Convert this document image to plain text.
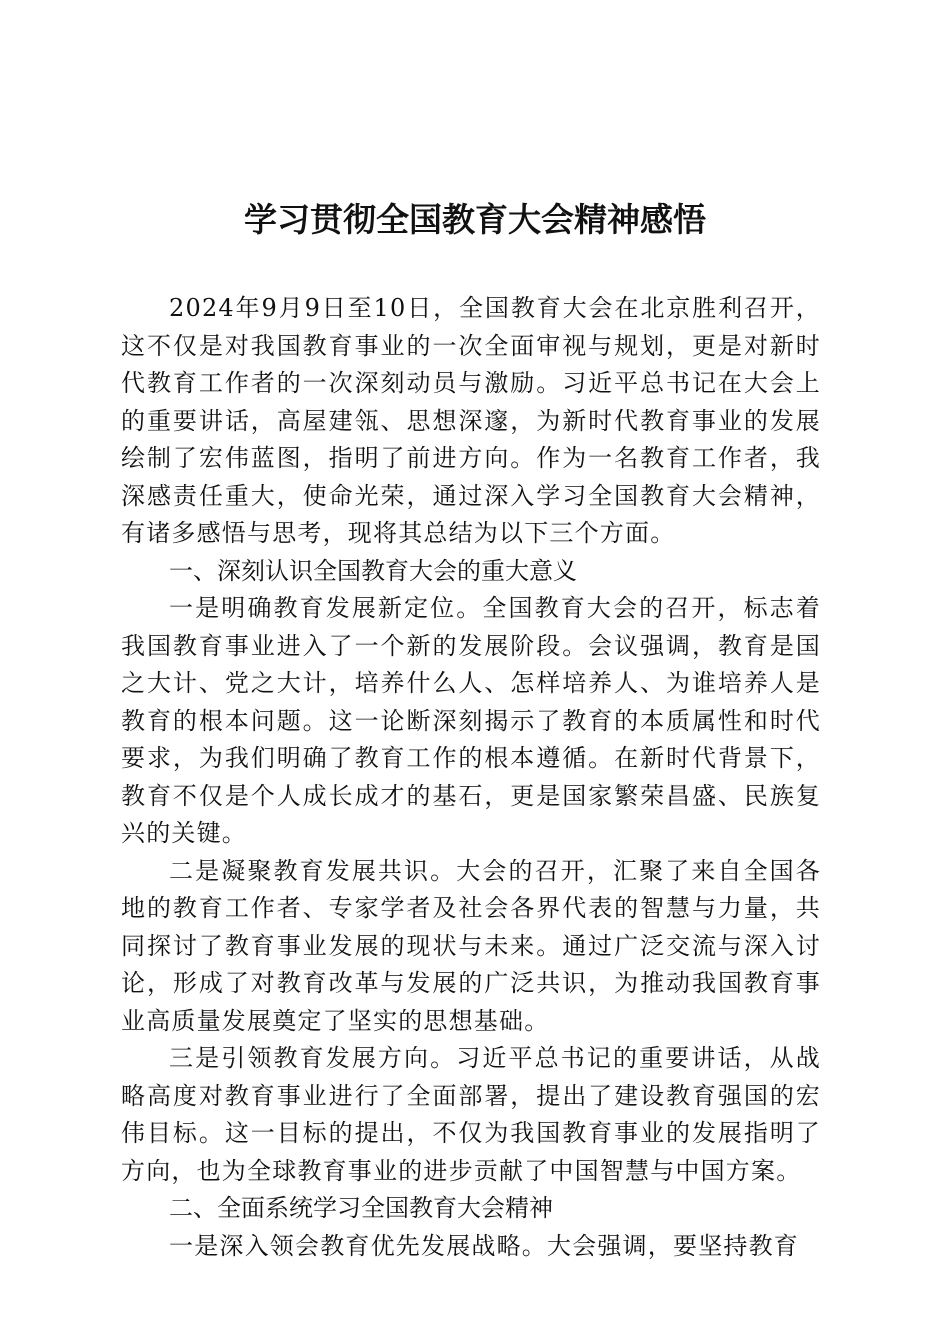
学习贯彻全国教育大会精神感悟

2024年9月9日至10日，全国教育大会在北京胜利召开，这不仅是对我国教育事业的一次全面审视与规划，更是对新时代教育工作者的一次深刻动员与激励。习近平总书记在大会上的重要讲话，高屋建瓴、思想深邃，为新时代教育事业的发展绘制了宏伟蓝图，指明了前进方向。作为一名教育工作者，我深感责任重大，使命光荣，通过深入学习全国教育大会精神，有诸多感悟与思考，现将其总结为以下三个方面。

一、深刻认识全国教育大会的重大意义

一是明确教育发展新定位。全国教育大会的召开，标志着我国教育事业进入了一个新的发展阶段。会议强调，教育是国之大计、党之大计，培养什么人、怎样培养人、为谁培养人是教育的根本问题。这一论断深刻揭示了教育的本质属性和时代要求，为我们明确了教育工作的根本遵循。在新时代背景下，教育不仅是个人成长成才的基石，更是国家繁荣昌盛、民族复兴的关键。

二是凝聚教育发展共识。大会的召开，汇聚了来自全国各地的教育工作者、专家学者及社会各界代表的智慧与力量，共同探讨了教育事业发展的现状与未来。通过广泛交流与深入讨论，形成了对教育改革与发展的广泛共识，为推动我国教育事业高质量发展奠定了坚实的思想基础。

三是引领教育发展方向。习近平总书记的重要讲话，从战略高度对教育事业进行了全面部署，提出了建设教育强国的宏伟目标。这一目标的提出，不仅为我国教育事业的发展指明了方向，也为全球教育事业的进步贡献了中国智慧与中国方案。

二、全面系统学习全国教育大会精神

一是深入领会教育优先发展战略。大会强调，要坚持教育
